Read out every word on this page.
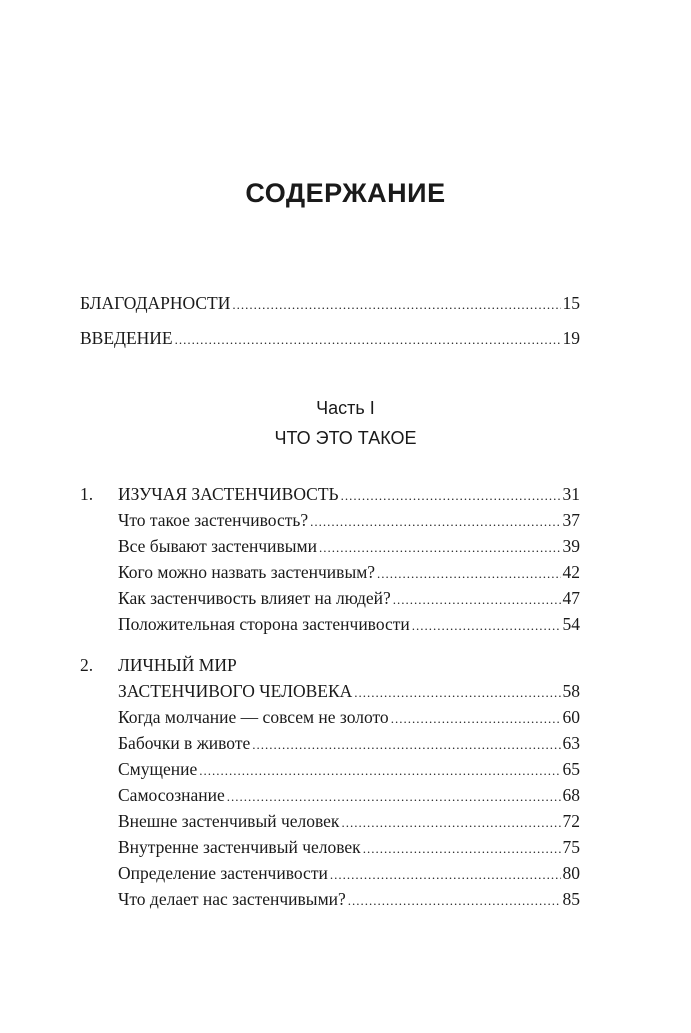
СОДЕРЖАНИЕ
БЛАГОДАРНОСТИ .....	15
ВВЕДЕНИЕ .....	19
Часть I
ЧТО ЭТО ТАКОЕ
1.	ИЗУЧАЯ ЗАСТЕНЧИВОСТЬ .....	31
Что такое застенчивость? .....	37
Все бывают застенчивыми .....	39
Кого можно назвать застенчивым? .....	42
Как застенчивость влияет на людей? .....	47
Положительная сторона застенчивости .....	54
2.	ЛИЧНЫЙ МИР
ЗАСТЕНЧИВОГО ЧЕЛОВЕКА .....	58
Когда молчание — совсем не золото .....	60
Бабочки в животе .....	63
Смущение .....	65
Самосознание .....	68
Внешне застенчивый человек .....	72
Внутренне застенчивый человек .....	75
Определение застенчивости .....	80
Что делает нас застенчивыми? .....	85
